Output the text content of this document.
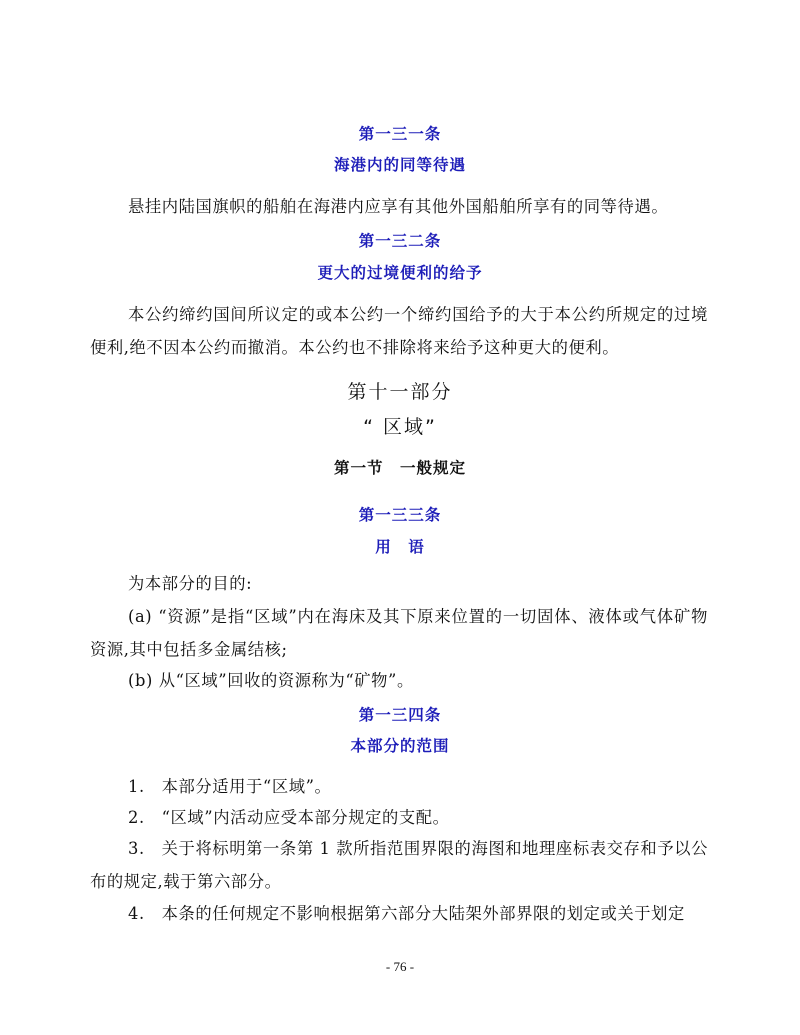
第一三一条
海港内的同等待遇
悬挂内陆国旗帜的船舶在海港内应享有其他外国船舶所享有的同等待遇。
第一三二条
更大的过境便利的给予
本公约缔约国间所议定的或本公约一个缔约国给予的大于本公约所规定的过境便利,绝不因本公约而撤消。本公约也不排除将来给予这种更大的便利。
第十一部分
“ 区域”
第一节　一般规定
第一三三条
用　语
为本部分的目的:
(a) “资源”是指“区域”内在海床及其下原来位置的一切固体、液体或气体矿物资源,其中包括多金属结核;
(b) 从“区域”回收的资源称为“矿物”。
第一三四条
本部分的范围
1.　本部分适用于“区域”。
2.　“区域”内活动应受本部分规定的支配。
3.　关于将标明第一条第 1 款所指范围界限的海图和地理座标表交存和予以公布的规定,载于第六部分。
4.　本条的任何规定不影响根据第六部分大陆架外部界限的划定或关于划定
- 76 -
